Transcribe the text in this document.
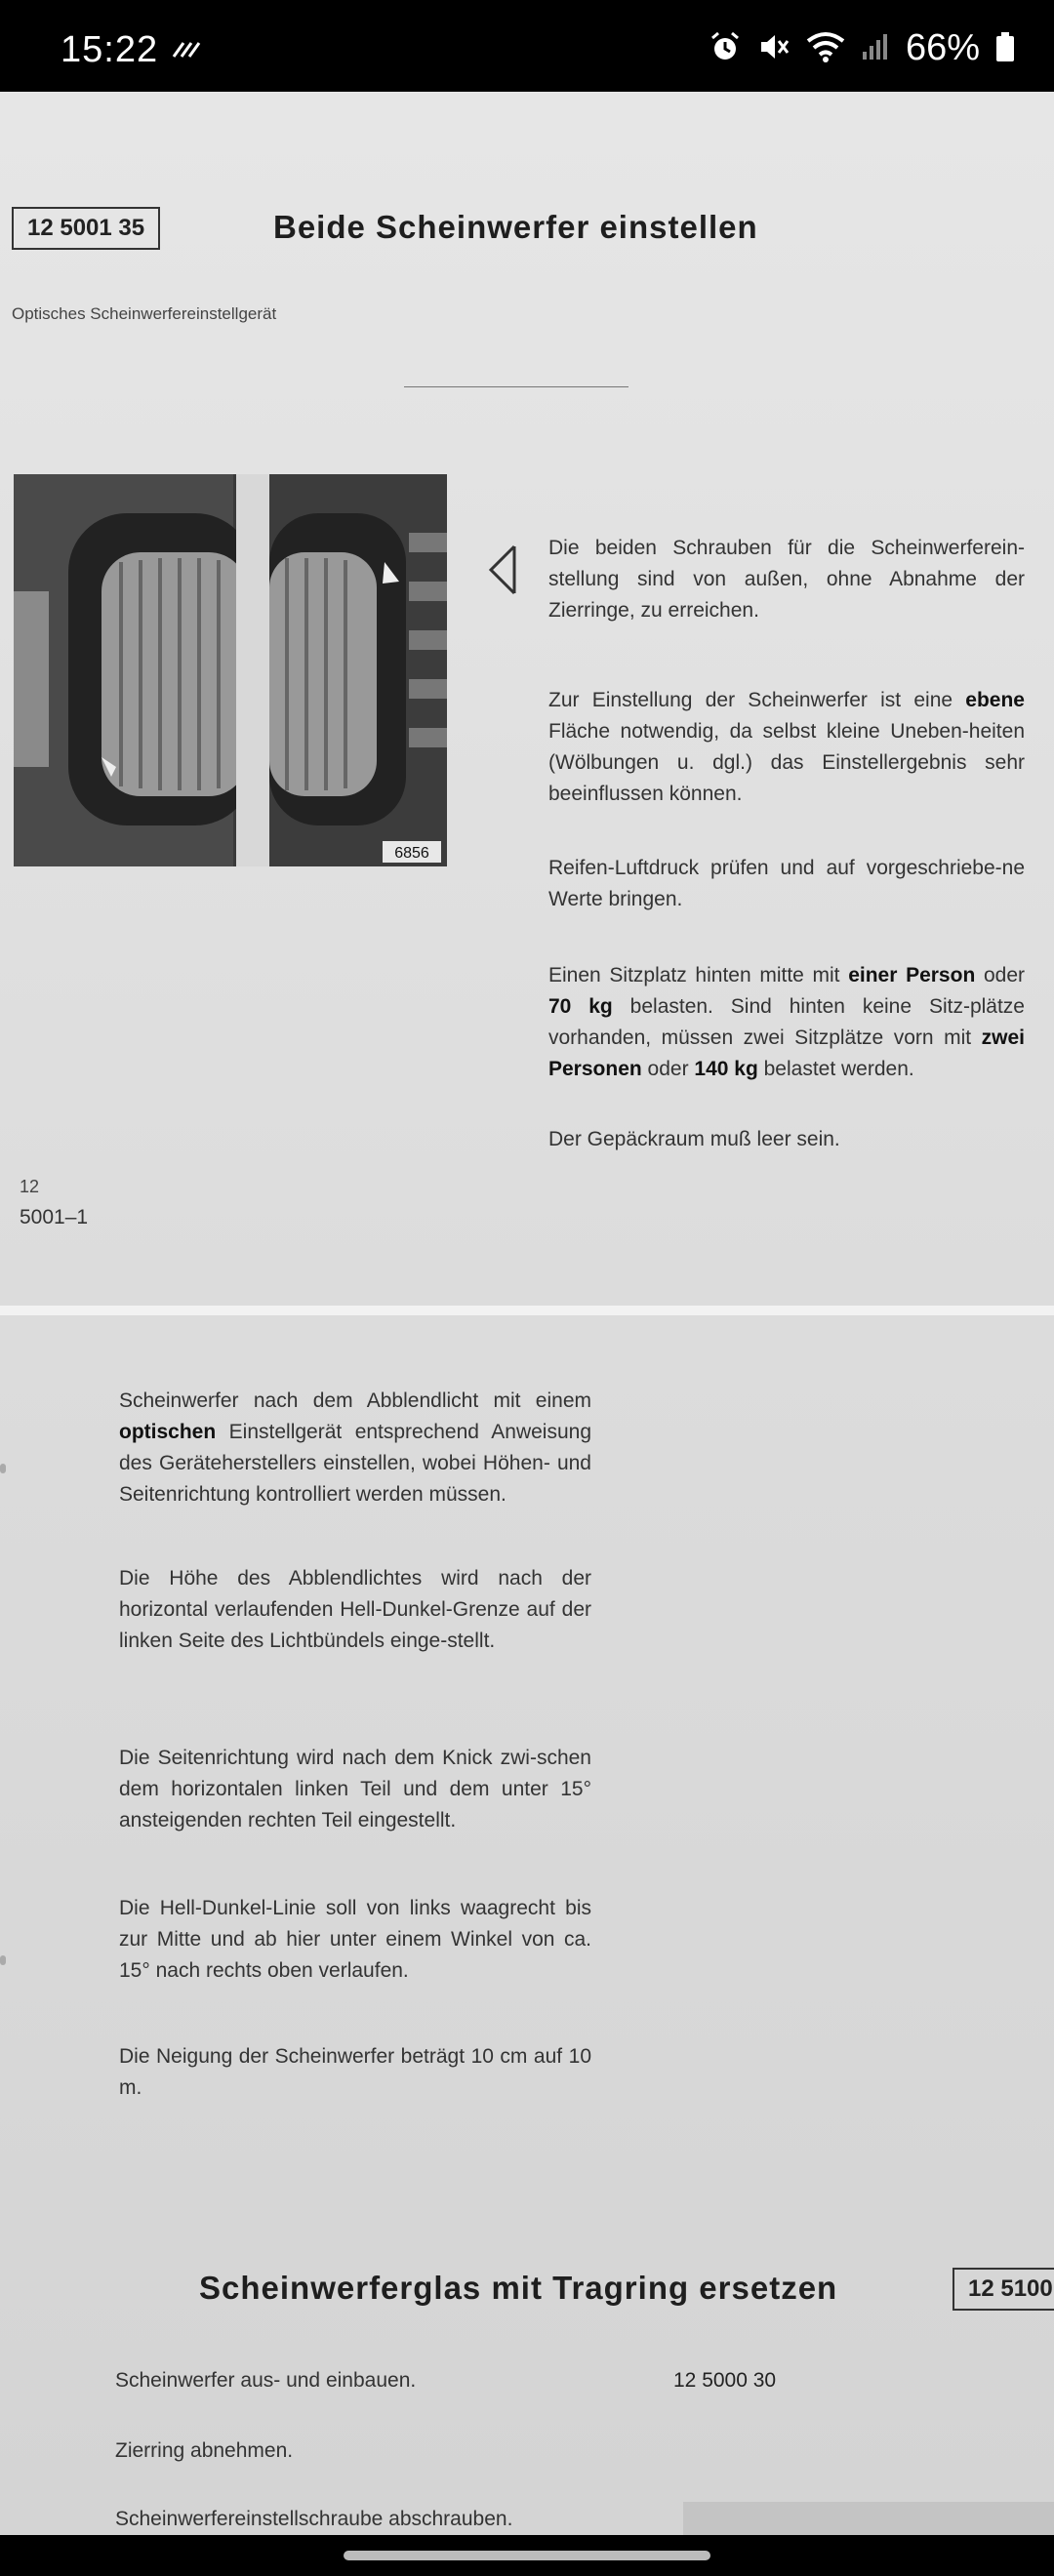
15:22	66%
12 5001 35	Beide Scheinwerfer einstellen
Optisches Scheinwerfereinstellgerät
6856
Die beiden Schrauben für die Scheinwerferein-stellung sind von außen, ohne Abnahme der Zierringe, zu erreichen.
Zur Einstellung der Scheinwerfer ist eine ebene Fläche notwendig, da selbst kleine Uneben-heiten (Wölbungen u. dgl.) das Einstellergebnis sehr beeinflussen können.
Reifen-Luftdruck prüfen und auf vorgeschriebe-ne Werte bringen.
Einen Sitzplatz hinten mitte mit einer Person oder 70 kg belasten. Sind hinten keine Sitz-plätze vorhanden, müssen zwei Sitzplätze vorn mit zwei Personen oder 140 kg belastet werden.
Der Gepäckraum muß leer sein.
12
5001–1
Scheinwerfer nach dem Abblendlicht mit einem optischen Einstellgerät entsprechend Anweisung des Geräteherstellers einstellen, wobei Höhen- und Seitenrichtung kontrolliert werden müssen.
Die Höhe des Abblendlichtes wird nach der horizontal verlaufenden Hell-Dunkel-Grenze auf der linken Seite des Lichtbündels einge-stellt.
Die Seitenrichtung wird nach dem Knick zwi-schen dem horizontalen linken Teil und dem unter 15° ansteigenden rechten Teil eingestellt.
Die Hell-Dunkel-Linie soll von links waagrecht bis zur Mitte und ab hier unter einem Winkel von ca. 15° nach rechts oben verlaufen.
Die Neigung der Scheinwerfer beträgt 10 cm auf 10 m.
Scheinwerferglas mit Tragring ersetzen	12 5100
Scheinwerfer aus- und einbauen.	12 5000 30
Zierring abnehmen.
Scheinwerfereinstellschraube abschrauben.
